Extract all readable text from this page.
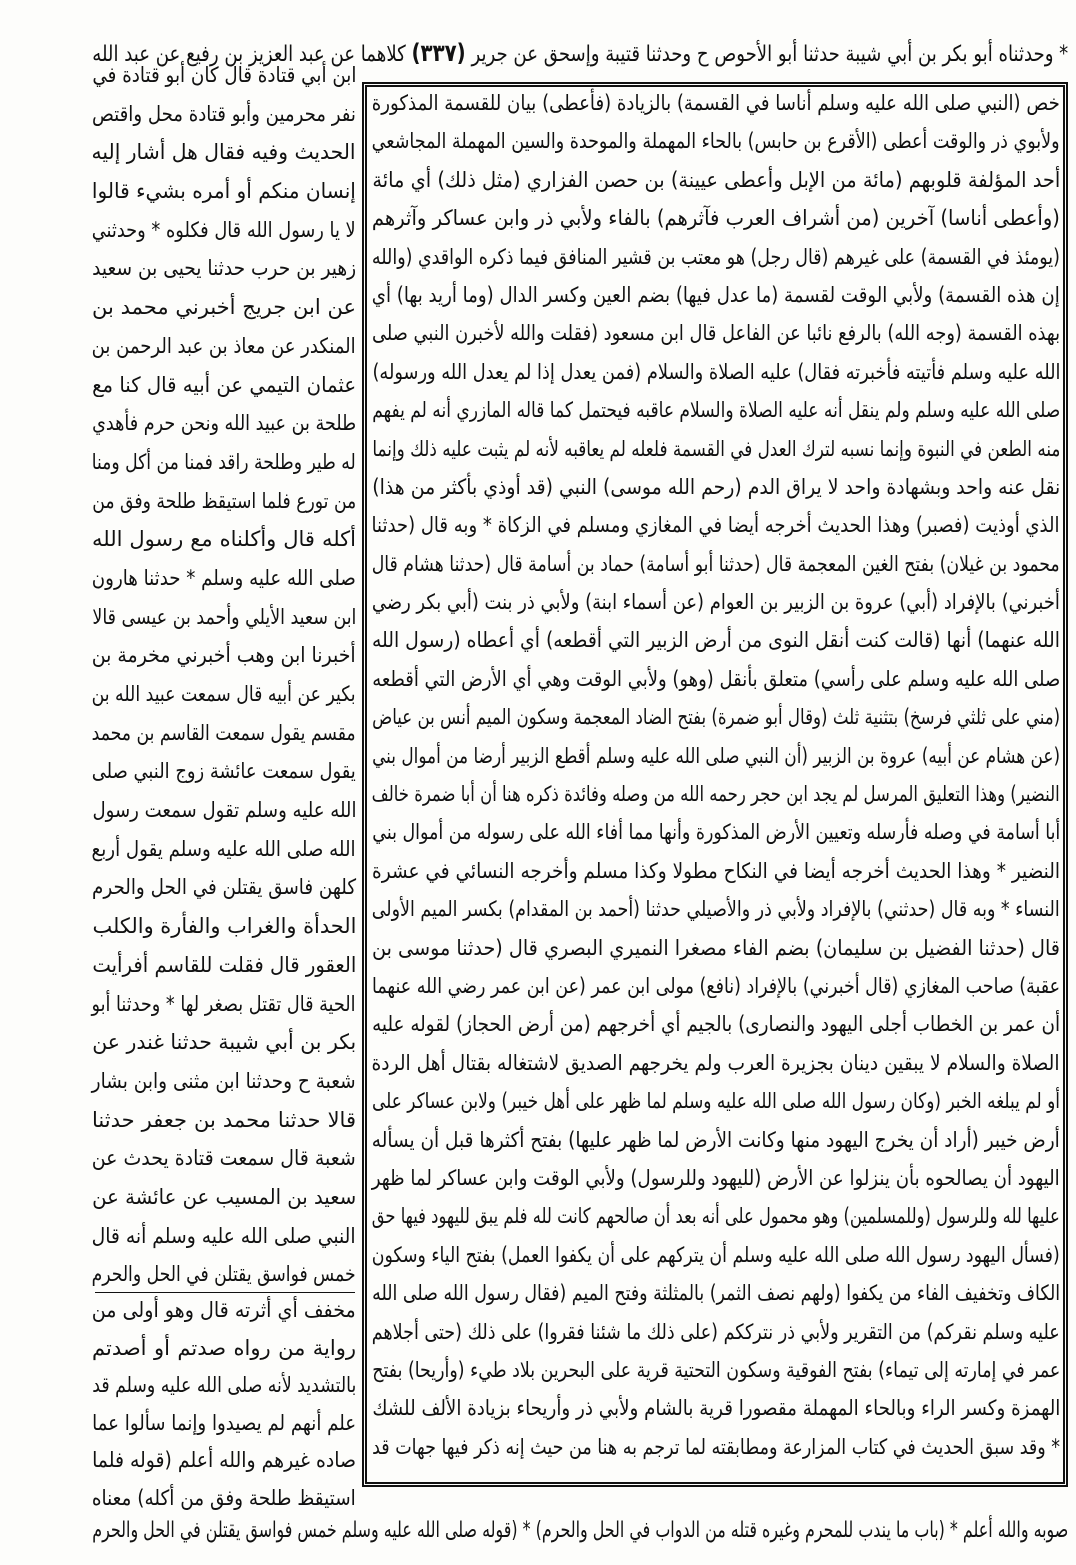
* وحدثناه أبو بكر بن أبي شيبة حدثنا أبو الأحوص ح وحدثنا قتيبة وإسحق عن جرير (٣٣٧) كلاهما عن عبد العزيز بن رفيع عن عبد الله
خص (النبي صلى الله عليه وسلم أناسا في القسمة) بالزيادة (فأعطى) بيان للقسمة المذكورة
ولأبوي ذر والوقت أعطى (الأقرع بن حابس) بالحاء المهملة والموحدة والسين المهملة المجاشعي
أحد المؤلفة قلوبهم (مائة من الإبل وأعطى عيينة) بن حصن الفزاري (مثل ذلك) أي مائة
(وأعطى أناسا) آخرين (من أشراف العرب فآثرهم) بالفاء ولأبي ذر وابن عساكر وآثرهم
(يومئذ في القسمة) على غيرهم (قال رجل) هو معتب بن قشير المنافق فيما ذكره الواقدي (والله
إن هذه القسمة) ولأبي الوقت لقسمة (ما عدل فيها) بضم العين وكسر الدال (وما أريد بها) أي
بهذه القسمة (وجه الله) بالرفع نائبا عن الفاعل قال ابن مسعود (فقلت والله لأخبرن النبي صلى
الله عليه وسلم فأتيته فأخبرته فقال) عليه الصلاة والسلام (فمن يعدل إذا لم يعدل الله ورسوله)
صلى الله عليه وسلم ولم ينقل أنه عليه الصلاة والسلام عاقبه فيحتمل كما قاله المازري أنه لم يفهم
منه الطعن في النبوة وإنما نسبه لترك العدل في القسمة فلعله لم يعاقبه لأنه لم يثبت عليه ذلك وإنما
نقل عنه واحد وبشهادة واحد لا يراق الدم (رحم الله موسى) النبي (قد أوذي بأكثر من هذا)
الذي أوذيت (فصبر) وهذا الحديث أخرجه أيضا في المغازي ومسلم في الزكاة * وبه قال (حدثنا
محمود بن غيلان) بفتح الغين المعجمة قال (حدثنا أبو أسامة) حماد بن أسامة قال (حدثنا هشام قال
أخبرني) بالإفراد (أبي) عروة بن الزبير بن العوام (عن أسماء ابنة) ولأبي ذر بنت (أبي بكر رضي
الله عنهما) أنها (قالت كنت أنقل النوى من أرض الزبير التي أقطعه) أي أعطاه (رسول الله
صلى الله عليه وسلم على رأسي) متعلق بأنقل (وهو) ولأبي الوقت وهي أي الأرض التي أقطعه
(مني على ثلثي فرسخ) بتثنية ثلث (وقال أبو ضمرة) بفتح الضاد المعجمة وسكون الميم أنس بن عياض
(عن هشام عن أبيه) عروة بن الزبير (أن النبي صلى الله عليه وسلم أقطع الزبير أرضا من أموال بني
النضير) وهذا التعليق المرسل لم يجد ابن حجر رحمه الله من وصله وفائدة ذكره هنا أن أبا ضمرة خالف
أبا أسامة في وصله فأرسله وتعيين الأرض المذكورة وأنها مما أفاء الله على رسوله من أموال بني
النضير * وهذا الحديث أخرجه أيضا في النكاح مطولا وكذا مسلم وأخرجه النسائي في عشرة
النساء * وبه قال (حدثني) بالإفراد ولأبي ذر والأصيلي حدثنا (أحمد بن المقدام) بكسر الميم الأولى
قال (حدثنا الفضيل بن سليمان) بضم الفاء مصغرا النميري البصري قال (حدثنا موسى بن
عقبة) صاحب المغازي (قال أخبرني) بالإفراد (نافع) مولى ابن عمر (عن ابن عمر رضي الله عنهما
أن عمر بن الخطاب أجلى اليهود والنصارى) بالجيم أي أخرجهم (من أرض الحجاز) لقوله عليه
الصلاة والسلام لا يبقين دينان بجزيرة العرب ولم يخرجهم الصديق لاشتغاله بقتال أهل الردة
أو لم يبلغه الخبر (وكان رسول الله صلى الله عليه وسلم لما ظهر على أهل خيبر) ولابن عساكر على
أرض خيبر (أراد أن يخرج اليهود منها وكانت الأرض لما ظهر عليها) بفتح أكثرها قبل أن يسأله
اليهود أن يصالحوه بأن ينزلوا عن الأرض (لليهود وللرسول) ولأبي الوقت وابن عساكر لما ظهر
عليها لله وللرسول (وللمسلمين) وهو محمول على أنه بعد أن صالحهم كانت لله فلم يبق لليهود فيها حق
(فسأل اليهود رسول الله صلى الله عليه وسلم أن يتركهم على أن يكفوا العمل) بفتح الياء وسكون
الكاف وتخفيف الفاء من يكفوا (ولهم نصف الثمر) بالمثلثة وفتح الميم (فقال رسول الله صلى الله
عليه وسلم نقركم) من التقرير ولأبي ذر نترككم (على ذلك ما شئنا فقروا) على ذلك (حتى أجلاهم
عمر في إمارته إلى تيماء) بفتح الفوقية وسكون التحتية قرية على البحرين بلاد طيء (وأريحا) بفتح
الهمزة وكسر الراء وبالحاء المهملة مقصورا قرية بالشام ولأبي ذر وأريحاء بزيادة الألف للشك
* وقد سبق الحديث في كتاب المزارعة ومطابقته لما ترجم به هنا من حيث إنه ذكر فيها جهات قد
ابن أبي قتادة قال كان أبو قتادة في
نفر محرمين وأبو قتادة محل واقتص
الحديث وفيه فقال هل أشار إليه
إنسان منكم أو أمره بشيء قالوا
لا يا رسول الله قال فكلوه * وحدثني
زهير بن حرب حدثنا يحيى بن سعيد
عن ابن جريج أخبرني محمد بن
المنكدر عن معاذ بن عبد الرحمن بن
عثمان التيمي عن أبيه قال كنا مع
طلحة بن عبيد الله ونحن حرم فأهدي
له طير وطلحة راقد فمنا من أكل ومنا
من تورع فلما استيقظ طلحة وفق من
أكله قال وأكلناه مع رسول الله
صلى الله عليه وسلم * حدثنا هارون
ابن سعيد الأيلي وأحمد بن عيسى قالا
أخبرنا ابن وهب أخبرني مخرمة بن
بكير عن أبيه قال سمعت عبيد الله بن
مقسم يقول سمعت القاسم بن محمد
يقول سمعت عائشة زوج النبي صلى
الله عليه وسلم تقول سمعت رسول
الله صلى الله عليه وسلم يقول أربع
كلهن فاسق يقتلن في الحل والحرم
الحدأة والغراب والفأرة والكلب
العقور قال فقلت للقاسم أفرأيت
الحية قال تقتل بصغر لها * وحدثنا أبو
بكر بن أبي شيبة حدثنا غندر عن
شعبة ح وحدثنا ابن مثنى وابن بشار
قالا حدثنا محمد بن جعفر حدثنا
شعبة قال سمعت قتادة يحدث عن
سعيد بن المسيب عن عائشة عن
النبي صلى الله عليه وسلم أنه قال
خمس فواسق يقتلن في الحل والحرم
مخفف أي أثرته قال وهو أولى من
رواية من رواه صدتم أو أصدتم
بالتشديد لأنه صلى الله عليه وسلم قد
علم أنهم لم يصيدوا وإنما سألوا عما
صاده غيرهم والله أعلم (قوله فلما
استيقظ طلحة وفق من أكله) معناه
صوبه والله أعلم * (باب ما يندب للمحرم وغيره قتله من الدواب في الحل والحرم) * (قوله صلى الله عليه وسلم خمس فواسق يقتلن في الحل والحرم
